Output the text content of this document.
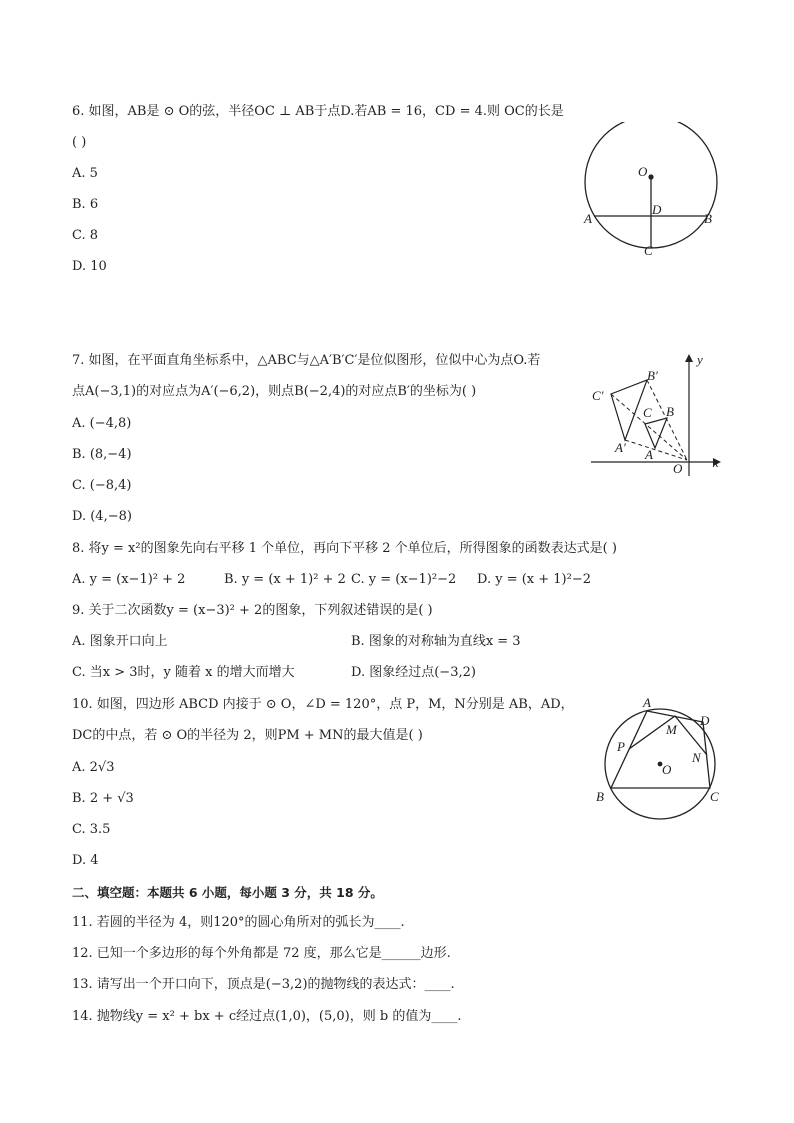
6. 如图，AB是 ⊙ O的弦，半径OC ⊥ AB于点D.若AB = 16，CD = 4.则 OC的长是
( )
A. 5
B. 6
C. 8
D. 10
O
D
A	B
C
7. 如图，在平面直角坐标系中，△ABC与△A′B′C′是位似图形，位似中心为点O.若
点A(−3,1)的对应点为A′(−6,2)，则点B(−2,4)的对应点B′的坐标为( )
A. (−4,8)
B. (8,−4)
C. (−8,4)
D. (4,−8)
y
x
O
C B
A
C′
B′
A′
8. 将y = x²的图象先向右平移 1 个单位，再向下平移 2 个单位后，所得图象的函数表达式是( )
A. y = (x−1)² + 2	B. y = (x + 1)² + 2 C. y = (x−1)²−2 D. y = (x + 1)²−2
9. 关于二次函数y = (x−3)² + 2的图象，下列叙述错误的是( )
A. 图象开口向上	B. 图象的对称轴为直线x = 3
C. 当x > 3时，y 随着 x 的增大而增大	D. 图象经过点(−3,2)
10. 如图，四边形 ABCD 内接于 ⊙ O，∠D = 120°，点 P，M，N分别是 AB，AD，
DC的中点，若 ⊙ O的半径为 2，则PM + MN的最大值是( )
A. 2√3
B. 2 + √3
C. 3.5
D. 4
A
D
M
P
O
N
B	C
二、填空题：本题共 6 小题，每小题 3 分，共 18 分。
11. 若圆的半径为 4，则120°的圆心角所对的弧长为____.
12. 已知一个多边形的每个外角都是 72 度，那么它是______边形.
13. 请写出一个开口向下，顶点是(−3,2)的抛物线的表达式：____.
14. 抛物线y = x² + bx + c经过点(1,0)，(5,0)，则 b 的值为____.
